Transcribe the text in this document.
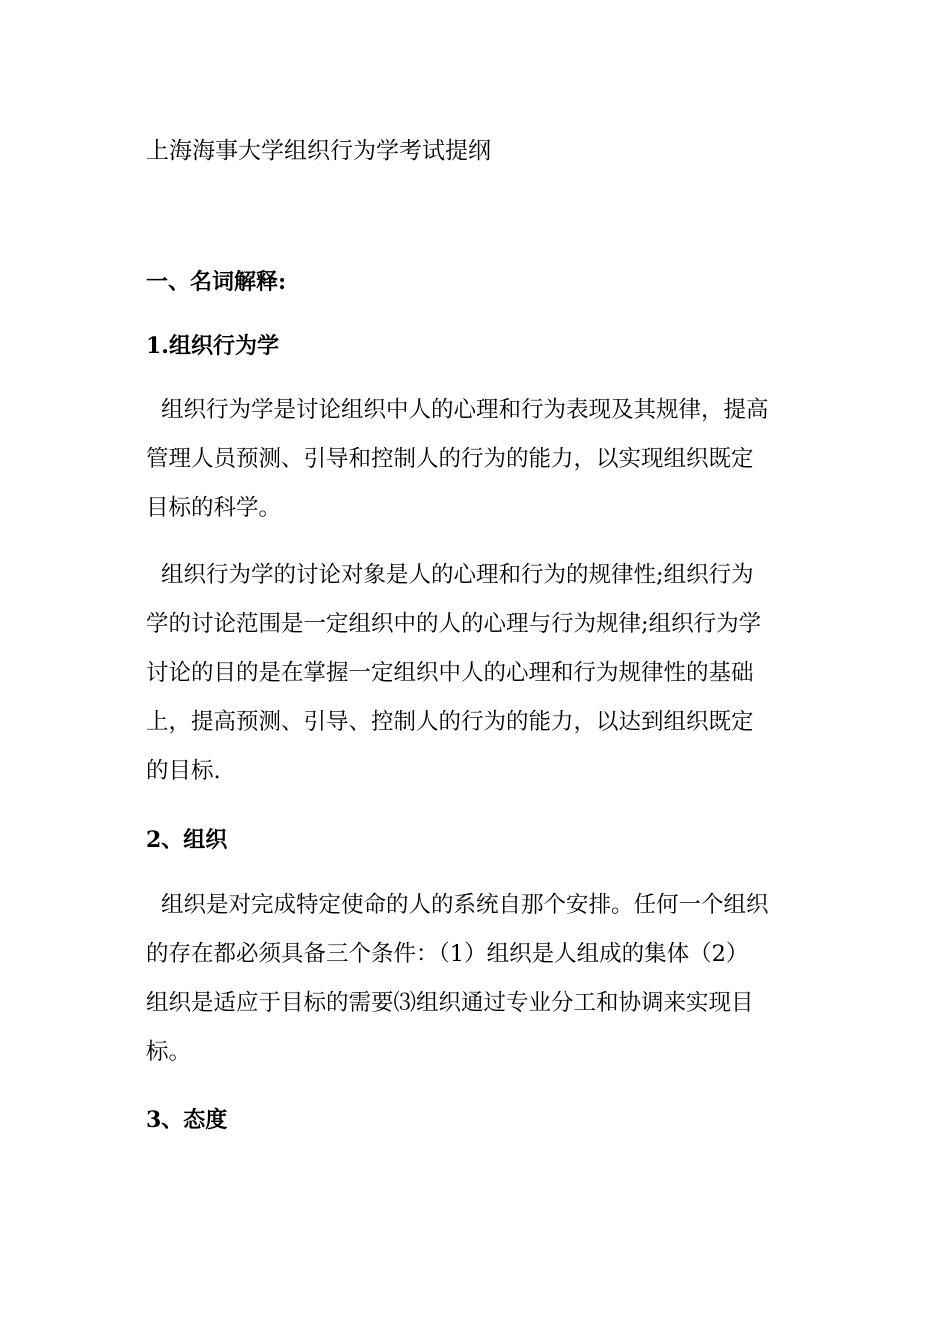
上海海事大学组织行为学考试提纲
一、名词解释:
1.组织行为学
组织行为学是讨论组织中人的心理和行为表现及其规律，提高
管理人员预测、引导和控制人的行为的能力，以实现组织既定
目标的科学。
组织行为学的讨论对象是人的心理和行为的规律性;组织行为
学的讨论范围是一定组织中的人的心理与行为规律;组织行为学
讨论的目的是在掌握一定组织中人的心理和行为规律性的基础
上，提高预测、引导、控制人的行为的能力，以达到组织既定
的目标.
2、组织
组织是对完成特定使命的人的系统自那个安排。任何一个组织
的存在都必须具备三个条件：（1）组织是人组成的集体（2）
组织是适应于目标的需要⑶组织通过专业分工和协调来实现目
标。
3、态度
